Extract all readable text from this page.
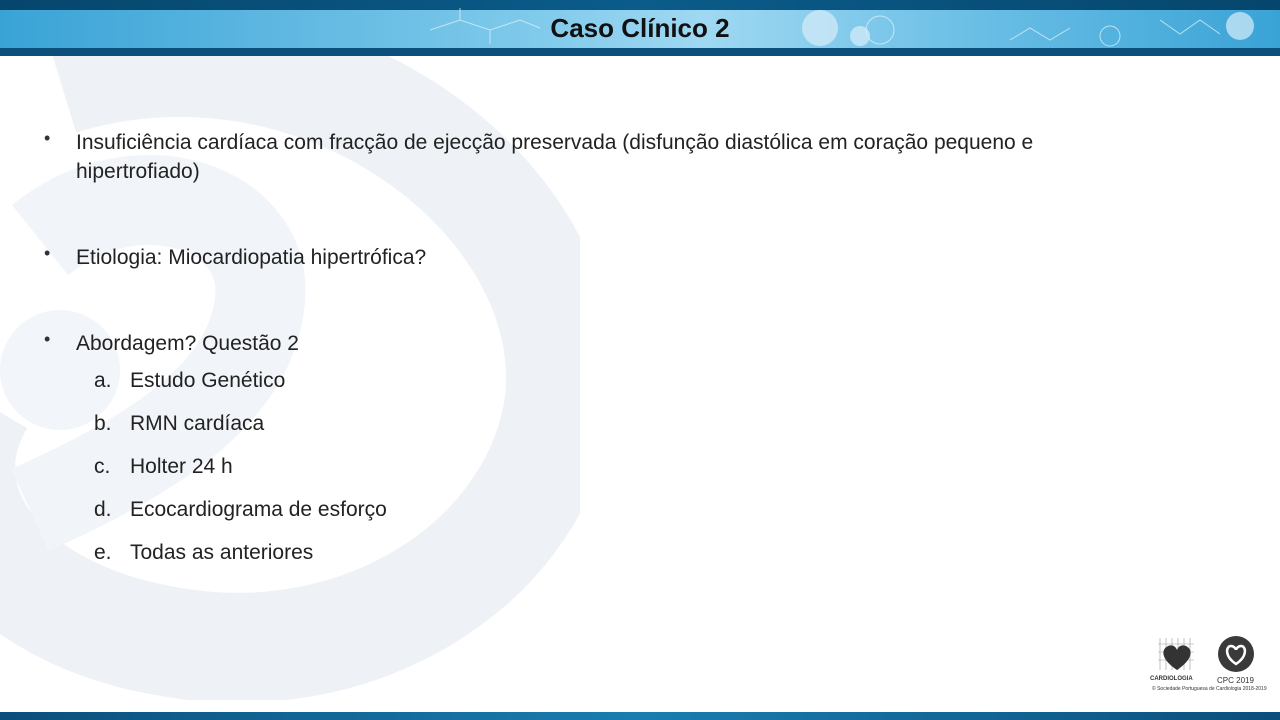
Caso Clínico 2
• Insuficiência cardíaca com fracção de ejecção preservada (disfunção diastólica em coração pequeno e hipertrofiado)
• Etiologia: Miocardiopatia hipertrófica?
• Abordagem? Questão 2
a. Estudo Genético
b. RMN cardíaca
c. Holter 24 h
d. Ecocardiograma de esforço
e. Todas as anteriores
CARDIOLOGIA	CPC 2019
© Sociedade Portuguesa de Cardiologia 2018-2019
